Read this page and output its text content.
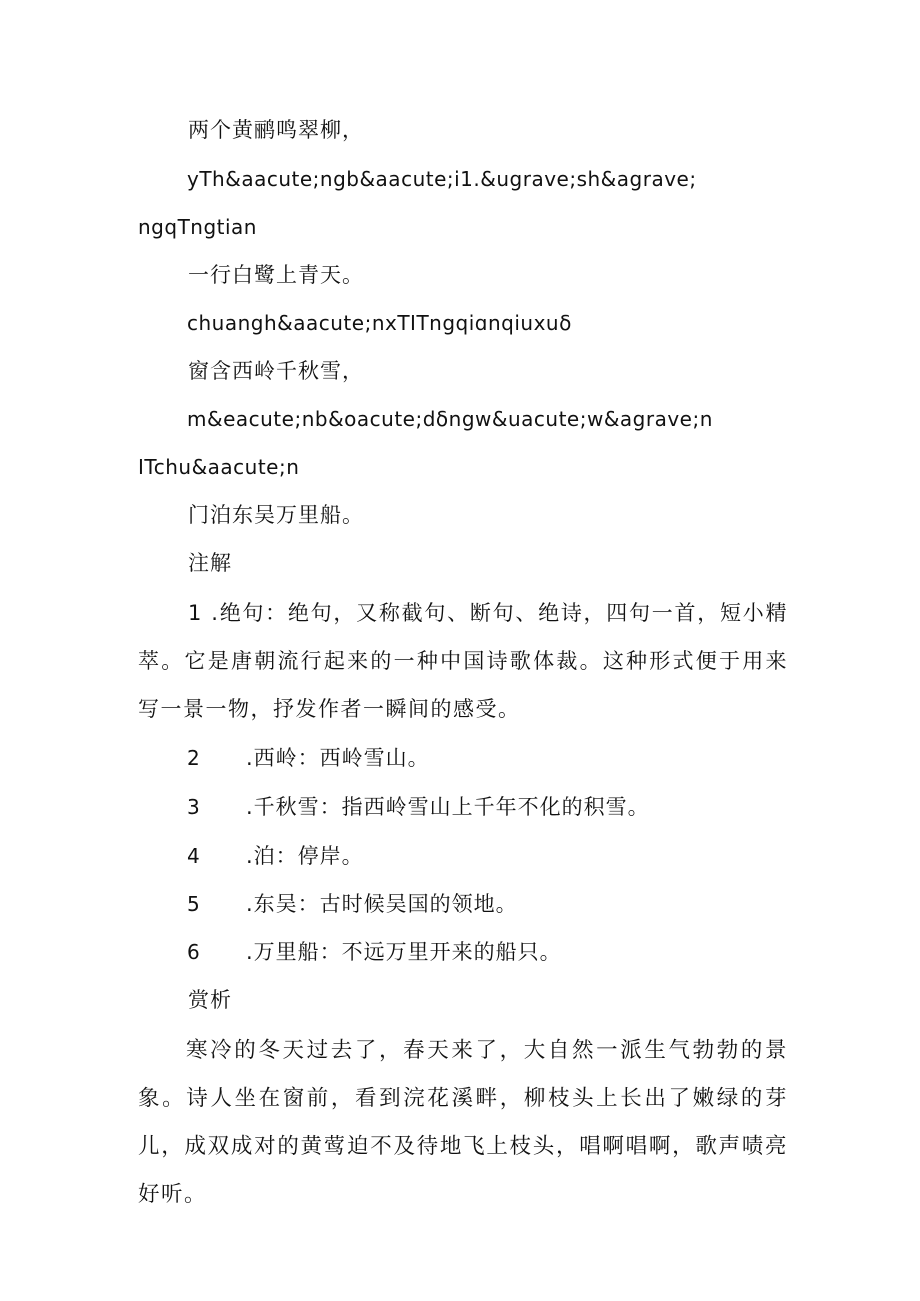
两个黄鹂鸣翠柳，
yTh&aacute;ngb&aacute;i1.&ugrave;sh&agrave;
ngqTngtian
一行白鹭上青天。
chuangh&aacute;nxTITngqiɑnqiuxuδ
窗含西岭千秋雪，
m&eacute;nb&oacute;dδngw&uacute;w&agrave;n
ITchu&aacute;n
门泊东吴万里船。
注解
1 .绝句：绝句，又称截句、断句、绝诗，四句一首，短小精萃。它是唐朝流行起来的一种中国诗歌体裁。这种形式便于用来写一景一物，抒发作者一瞬间的感受。
2 .西岭：西岭雪山。
3 .千秋雪：指西岭雪山上千年不化的积雪。
4 .泊：停岸。
5 .东吴：古时候吴国的领地。
6 .万里船：不远万里开来的船只。
赏析
寒冷的冬天过去了，春天来了，大自然一派生气勃勃的景象。诗人坐在窗前，看到浣花溪畔，柳枝头上长出了嫩绿的芽儿，成双成对的黄莺迫不及待地飞上枝头，唱啊唱啊，歌声啧亮好听。
